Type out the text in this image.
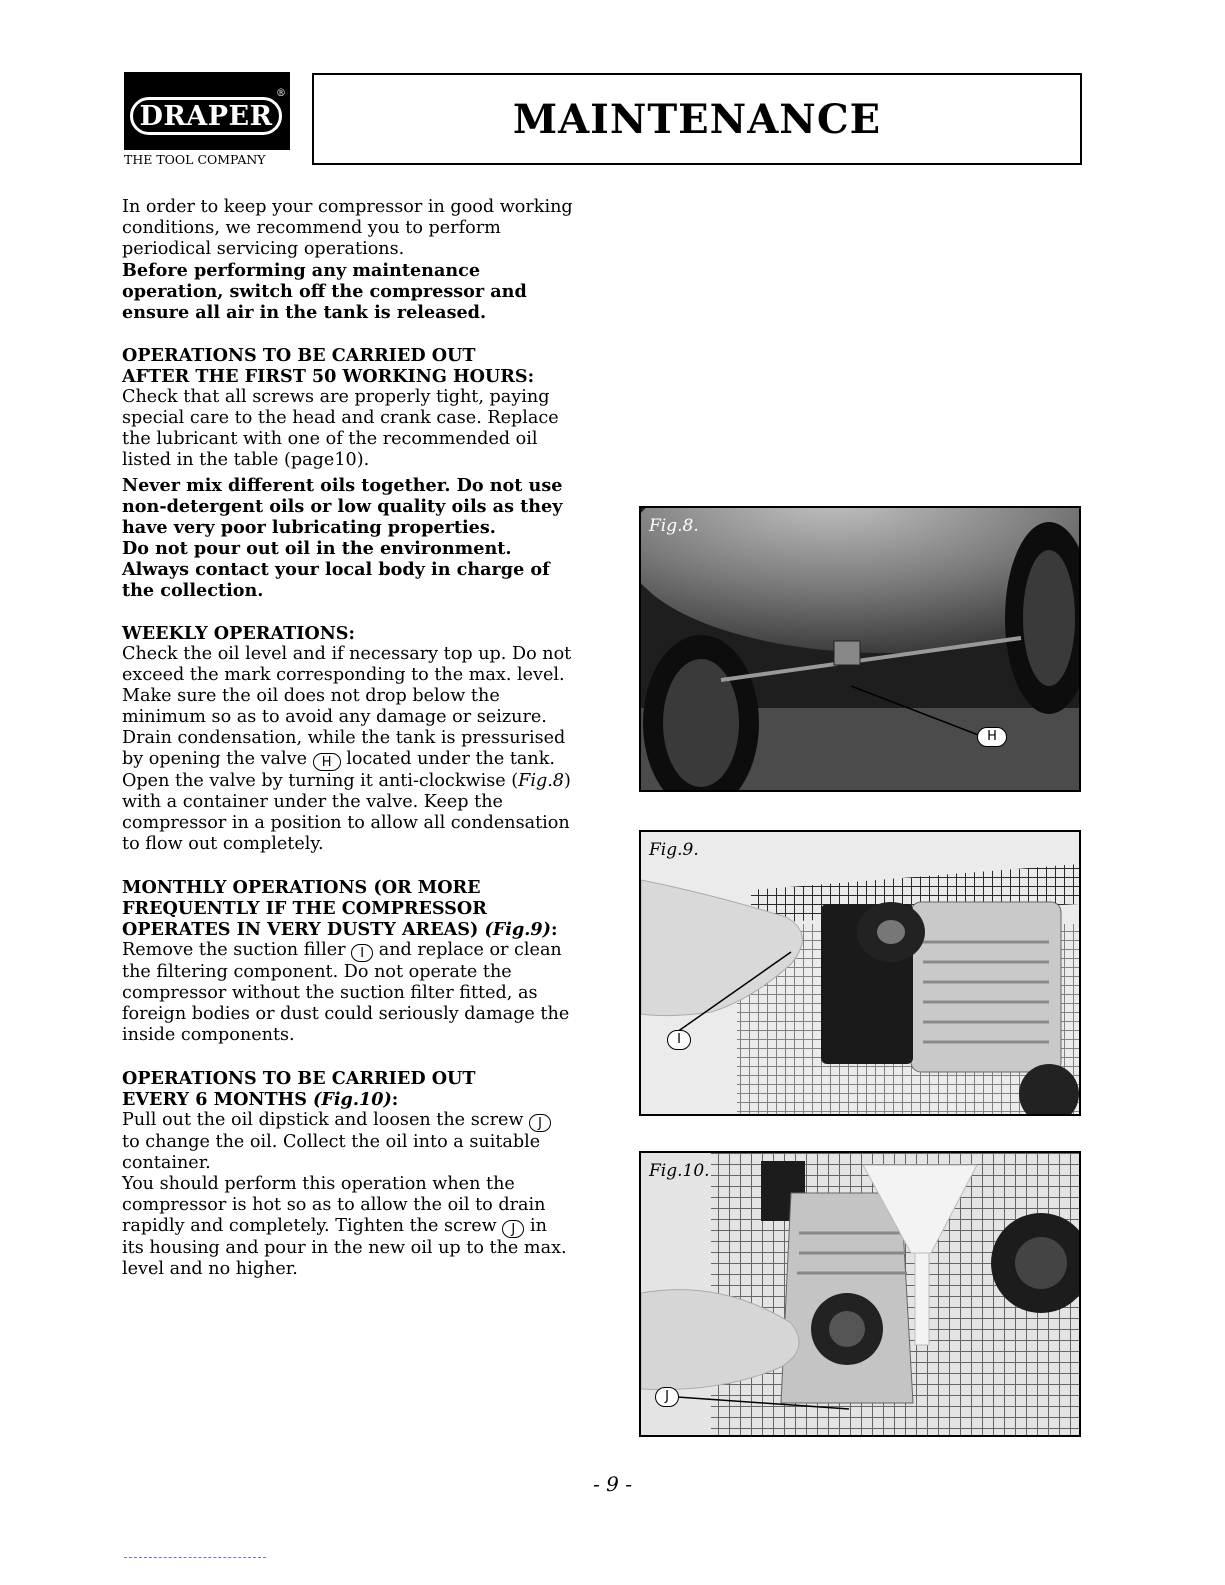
®
DRAPER
THE TOOL COMPANY
MAINTENANCE

In order to keep your compressor in good working conditions, we recommend you to perform periodical servicing operations.

Before performing any maintenance operation, switch off the compressor and ensure all air in the tank is released.

OPERATIONS TO BE CARRIED OUT
AFTER THE FIRST 50 WORKING HOURS:

Check that all screws are properly tight, paying special care to the head and crank case. Replace the lubricant with one of the recommended oil listed in the table (page10).

Never mix different oils together. Do not use non-detergent oils or low quality oils as they have very poor lubricating properties.

Do not pour out oil in the environment. Always contact your local body in charge of the collection.

WEEKLY OPERATIONS:

Check the oil level and if necessary top up. Do not exceed the mark corresponding to the max. level. Make sure the oil does not drop below the minimum so as to avoid any damage or seizure.

Drain condensation, while the tank is pressurised by opening the valve H located under the tank. Open the valve by turning it anti-clockwise (Fig.8) with a container under the valve. Keep the compressor in a position to allow all condensation to flow out completely.

MONTHLY OPERATIONS (OR MORE
FREQUENTLY IF THE COMPRESSOR
OPERATES IN VERY DUSTY AREAS) (Fig.9):

Remove the suction filler I and replace or clean the filtering component. Do not operate the compressor without the suction filter fitted, as foreign bodies or dust could seriously damage the inside components.

OPERATIONS TO BE CARRIED OUT
EVERY 6 MONTHS (Fig.10):

Pull out the oil dipstick and loosen the screw J to change the oil. Collect the oil into a suitable container.

You should perform this operation when the compressor is hot so as to allow the oil to drain rapidly and completely. Tighten the screw J in its housing and pour in the new oil up to the max. level and no higher.

Fig.8.
H
Fig.9.
I
Fig.10.
J
- 9 -
